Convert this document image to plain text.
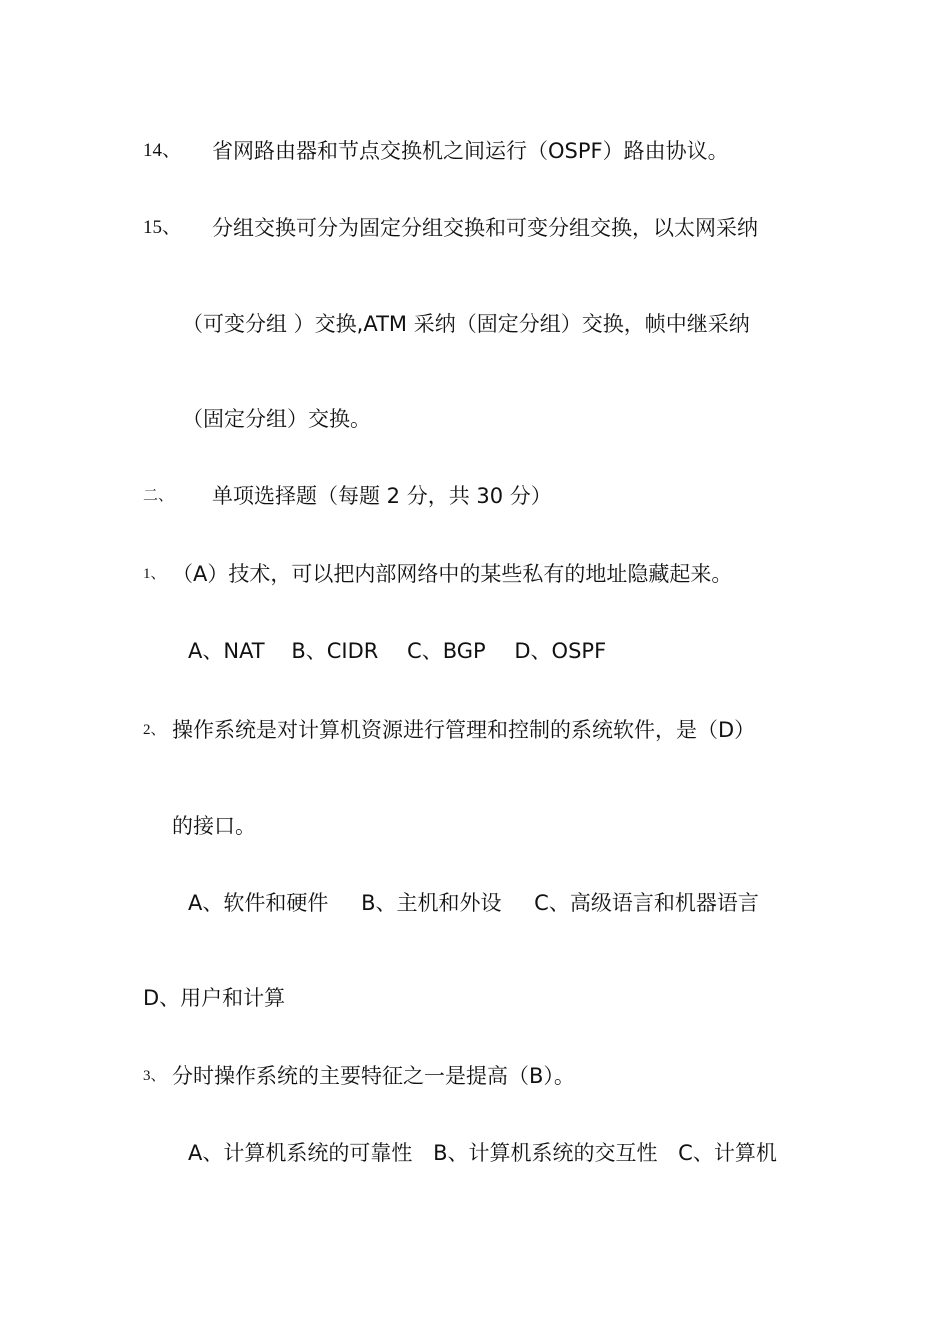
14、 省网路由器和节点交换机之间运行（OSPF）路由协议。
15、 分组交换可分为固定分组交换和可变分组交换，以太网采纳
（可变分组 ）交换,ATM 采纳（固定分组）交换，帧中继采纳
（固定分组）交换。
二、 单项选择题（每题 2 分，共 30 分）
1、 （A）技术，可以把内部网络中的某些私有的地址隐藏起来。
A、NAT B、CIDR C、BGP D、OSPF
2、 操作系统是对计算机资源进行管理和控制的系统软件，是（D）
的接口。
A、软件和硬件 B、主机和外设 C、高级语言和机器语言
D、用户和计算
3、 分时操作系统的主要特征之一是提高（B）。
A、计算机系统的可靠性 B、计算机系统的交互性 C、计算机
